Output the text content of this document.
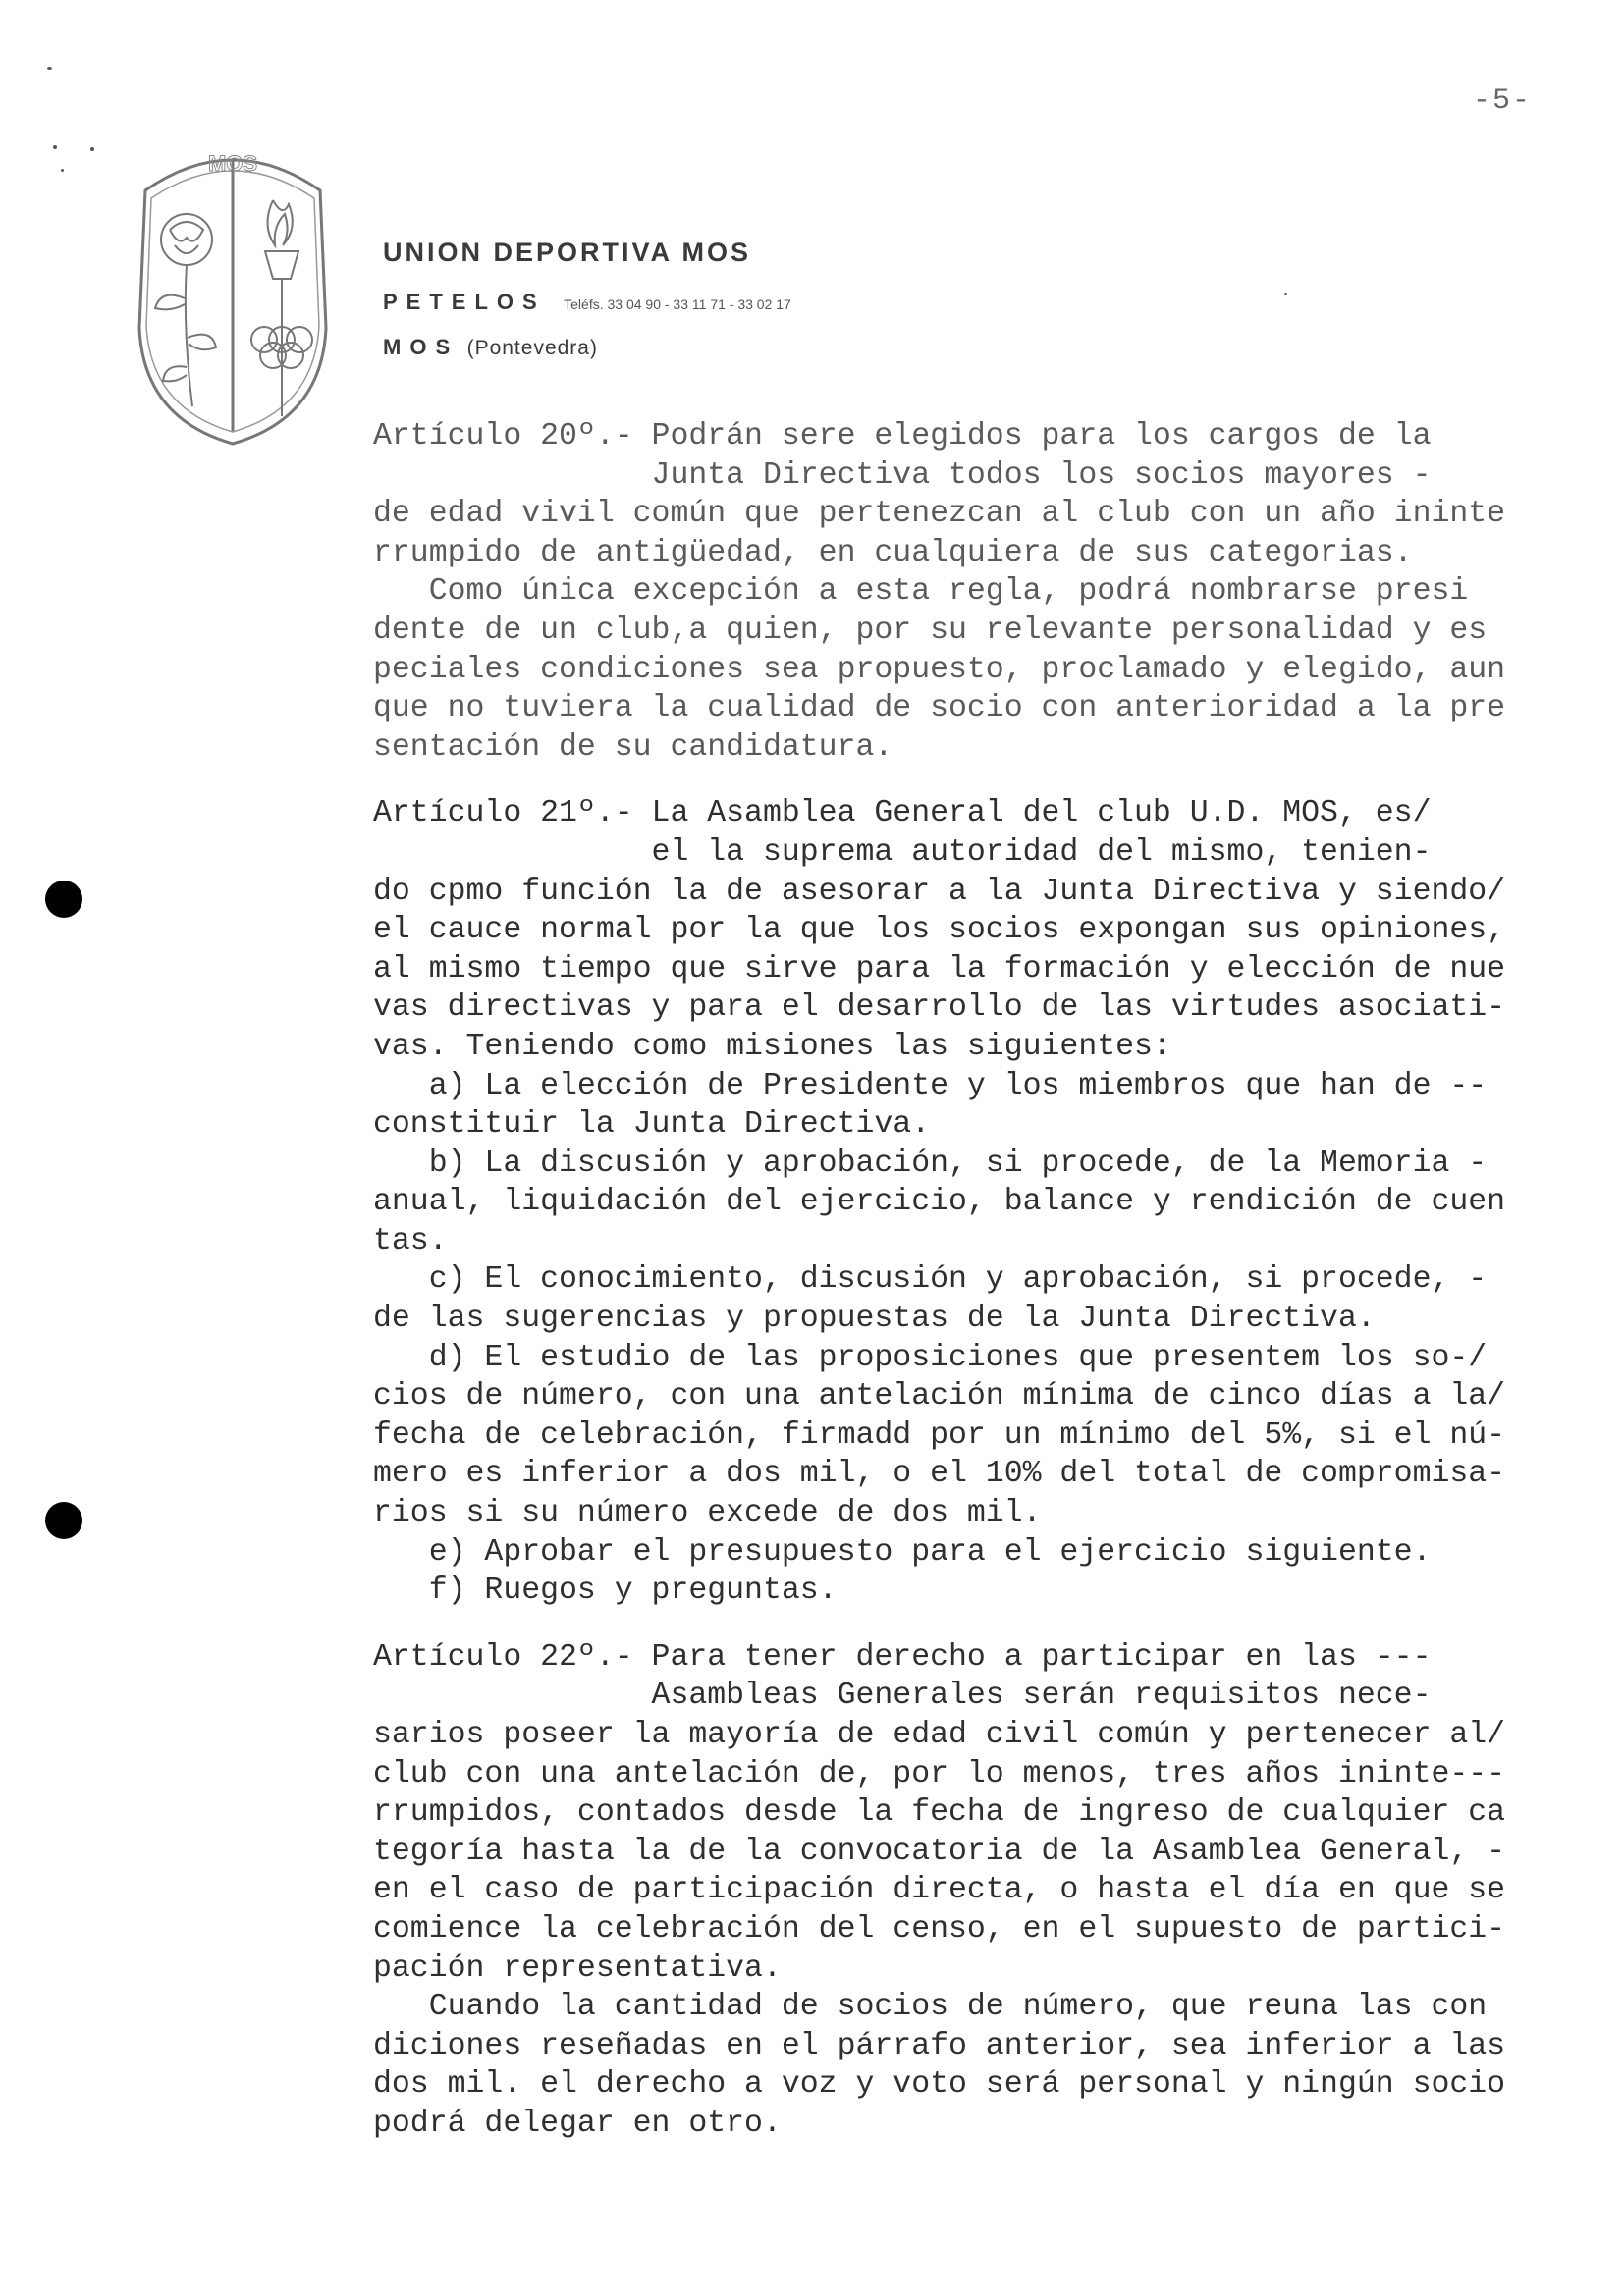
-5-
MOS
UNION DEPORTIVA MOS
PETELOS Teléfs. 33 04 90 - 33 11 71 - 33 02 17
MOS (Pontevedra)
Artículo 20º.- Podrán sere elegidos para los cargos de la
Junta Directiva todos los socios mayores -
de edad vivil común que pertenezcan al club con un año ininte
rrumpido de antigüedad, en cualquiera de sus categorias.
Como única excepción a esta regla, podrá nombrarse presi
dente de un club,a quien, por su relevante personalidad y es
peciales condiciones sea propuesto, proclamado y elegido, aun
que no tuviera la cualidad de socio con anterioridad a la pre
sentación de su candidatura.
Artículo 21º.- La Asamblea General del club U.D. MOS, es/
el la suprema autoridad del mismo, tenien-
do cpmo función la de asesorar a la Junta Directiva y siendo/
el cauce normal por la que los socios expongan sus opiniones,
al mismo tiempo que sirve para la formación y elección de nue
vas directivas y para el desarrollo de las virtudes asociati-
vas. Teniendo como misiones las siguientes:
a) La elección de Presidente y los miembros que han de --
constituir la Junta Directiva.
b) La discusión y aprobación, si procede, de la Memoria -
anual, liquidación del ejercicio, balance y rendición de cuen
tas.
c) El conocimiento, discusión y aprobación, si procede, -
de las sugerencias y propuestas de la Junta Directiva.
d) El estudio de las proposiciones que presentem los so-/
cios de número, con una antelación mínima de cinco días a la/
fecha de celebración, firmadd por un mínimo del 5%, si el nú-
mero es inferior a dos mil, o el 10% del total de compromisa-
rios si su número excede de dos mil.
e) Aprobar el presupuesto para el ejercicio siguiente.
f) Ruegos y preguntas.
Artículo 22º.- Para tener derecho a participar en las ---
Asambleas Generales serán requisitos nece-
sarios poseer la mayoría de edad civil común y pertenecer al/
club con una antelación de, por lo menos, tres años ininte---
rrumpidos, contados desde la fecha de ingreso de cualquier ca
tegoría hasta la de la convocatoria de la Asamblea General, -
en el caso de participación directa, o hasta el día en que se
comience la celebración del censo, en el supuesto de partici-
pación representativa.
Cuando la cantidad de socios de número, que reuna las con
diciones reseñadas en el párrafo anterior, sea inferior a las
dos mil. el derecho a voz y voto será personal y ningún socio
podrá delegar en otro.
